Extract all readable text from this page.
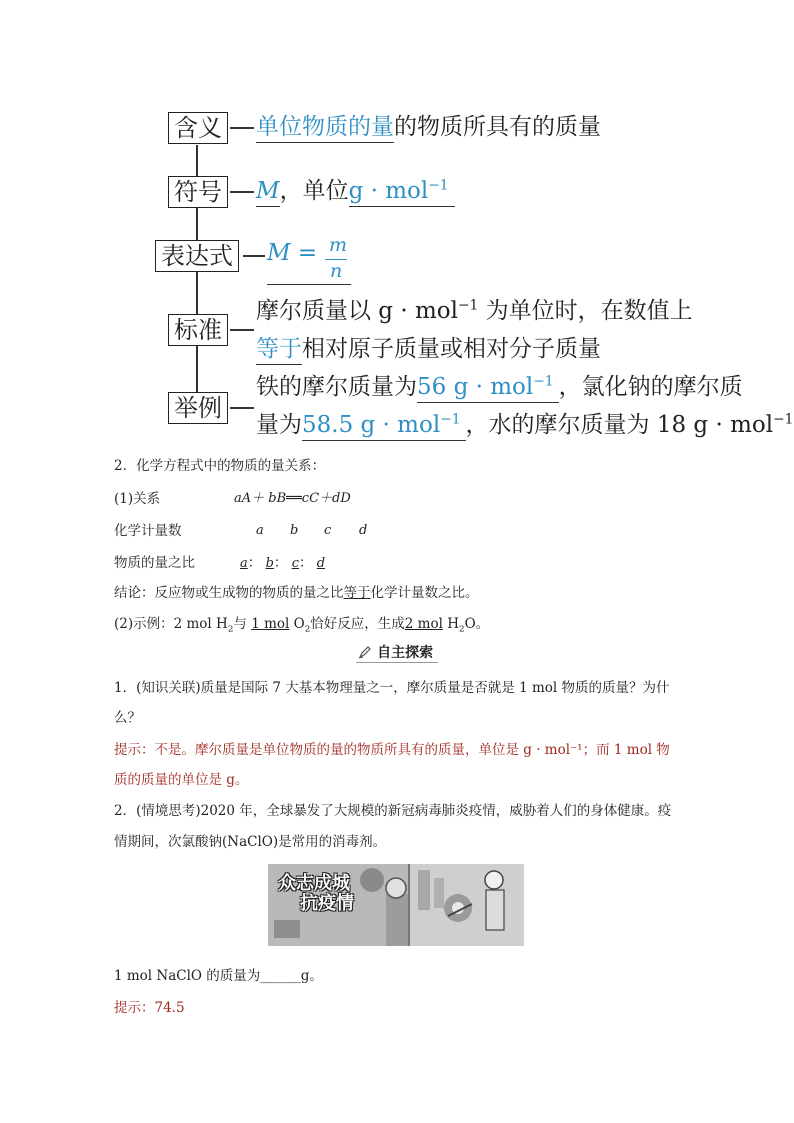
含义 单位物质的量的物质所具有的质量
符号 M，单位g · mol$^{-1}$
表达式 M = m
n
标准
摩尔质量以 g · mol$^{-1}$ 为单位时，在数值上
等于相对原子质量或相对分子质量
举例
铁的摩尔质量为56 g · mol$^{-1}$ ，氯化钠的摩尔质
量为58.5 g · mol$^{-1}$ ，水的摩尔质量为 18 g · mol$^{-1}$
2．化学方程式中的物质的量关系：
(1)关系	aA＋ bB══cC＋dD
化学计量数	a b c d
物质的量之比	a： b： c： d
结论：反应物或生成物的物质的量之比等于化学计量数之比。
(2)示例：2 mol $H_2$与 1 mol $O_2$恰好反应，生成2 mol $H_2O$。
自主探索
1．(知识关联)质量是国际 7 大基本物理量之一，摩尔质量是否就是 1 mol 物质的质量？为什
么？
提示：不是。摩尔质量是单位物质的量的物质所具有的质量，单位是 g · mol⁻¹；而 1 mol 物
质的质量的单位是 g。
2．(情境思考)2020 年，全球暴发了大规模的新冠病毒肺炎疫情，威胁着人们的身体健康。疫
情期间，次氯酸钠(NaClO)是常用的消毒剂。
众志成城
抗疫情
1 mol NaClO 的质量为______g。
提示：74.5
